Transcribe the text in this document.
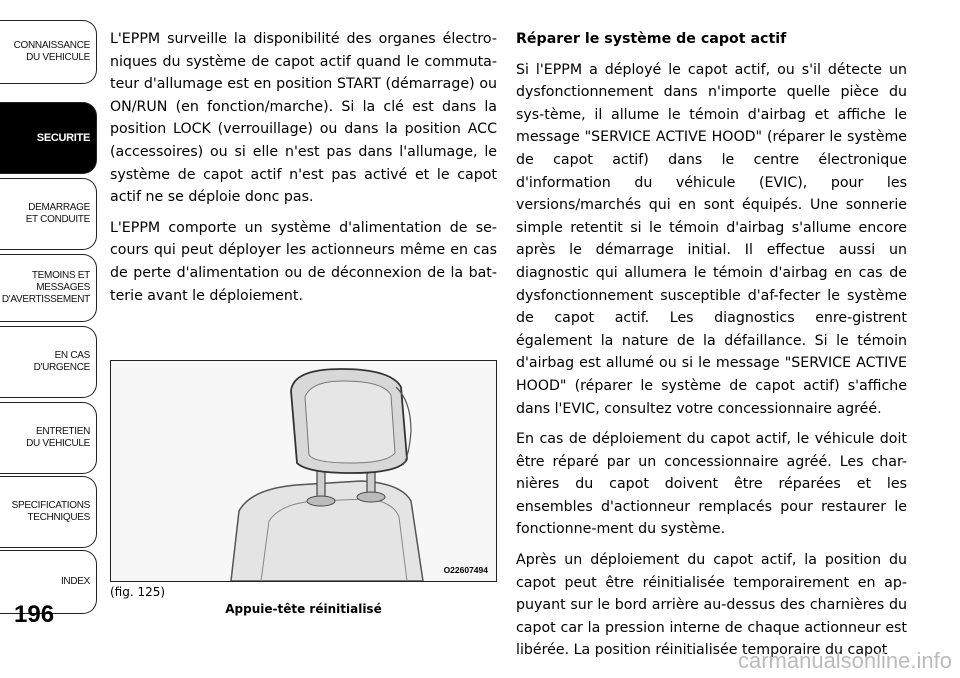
CONNAISSANCE
DU VEHICULE
SECURITE
DEMARRAGE
ET CONDUITE
TEMOINS ET
MESSAGES
D'AVERTISSEMENT
EN CAS
D'URGENCE
ENTRETIEN
DU VEHICULE
SPECIFICATIONS
TECHNIQUES
INDEX
196

L'EPPM surveille la disponibilité des organes électro-niques du système de capot actif quand le commuta-teur d'allumage est en position START (démarrage) ou ON/RUN (en fonction/marche). Si la clé est dans la position LOCK (verrouillage) ou dans la position ACC (accessoires) ou si elle n'est pas dans l'allumage, le système de capot actif n'est pas activé et le capot actif ne se déploie donc pas.

L'EPPM comporte un système d'alimentation de se-cours qui peut déployer les actionneurs même en cas de perte d'alimentation ou de déconnexion de la bat-terie avant le déploiement.

O22607494
(fig. 125)
Appuie-tête réinitialisé

Réparer le système de capot actif

Si l'EPPM a déployé le capot actif, ou s'il détecte un dysfonctionnement dans n'importe quelle pièce du sys-tème, il allume le témoin d'airbag et affiche le message "SERVICE ACTIVE HOOD" (réparer le système de capot actif) dans le centre électronique d'information du véhicule (EVIC), pour les versions/marchés qui en sont équipés. Une sonnerie simple retentit si le témoin d'airbag s'allume encore après le démarrage initial. Il effectue aussi un diagnostic qui allumera le témoin d'airbag en cas de dysfonctionnement susceptible d'af-fecter le système de capot actif. Les diagnostics enre-gistrent également la nature de la défaillance. Si le témoin d'airbag est allumé ou si le message "SERVICE ACTIVE HOOD" (réparer le système de capot actif) s'affiche dans l'EVIC, consultez votre concessionnaire agréé.

En cas de déploiement du capot actif, le véhicule doit être réparé par un concessionnaire agréé. Les char-nières du capot doivent être réparées et les ensembles d'actionneur remplacés pour restaurer le fonctionne-ment du système.

Après un déploiement du capot actif, la position du capot peut être réinitialisée temporairement en ap-puyant sur le bord arrière au-dessus des charnières du capot car la pression interne de chaque actionneur est libérée. La position réinitialisée temporaire du capot

carmanualsonline.info
